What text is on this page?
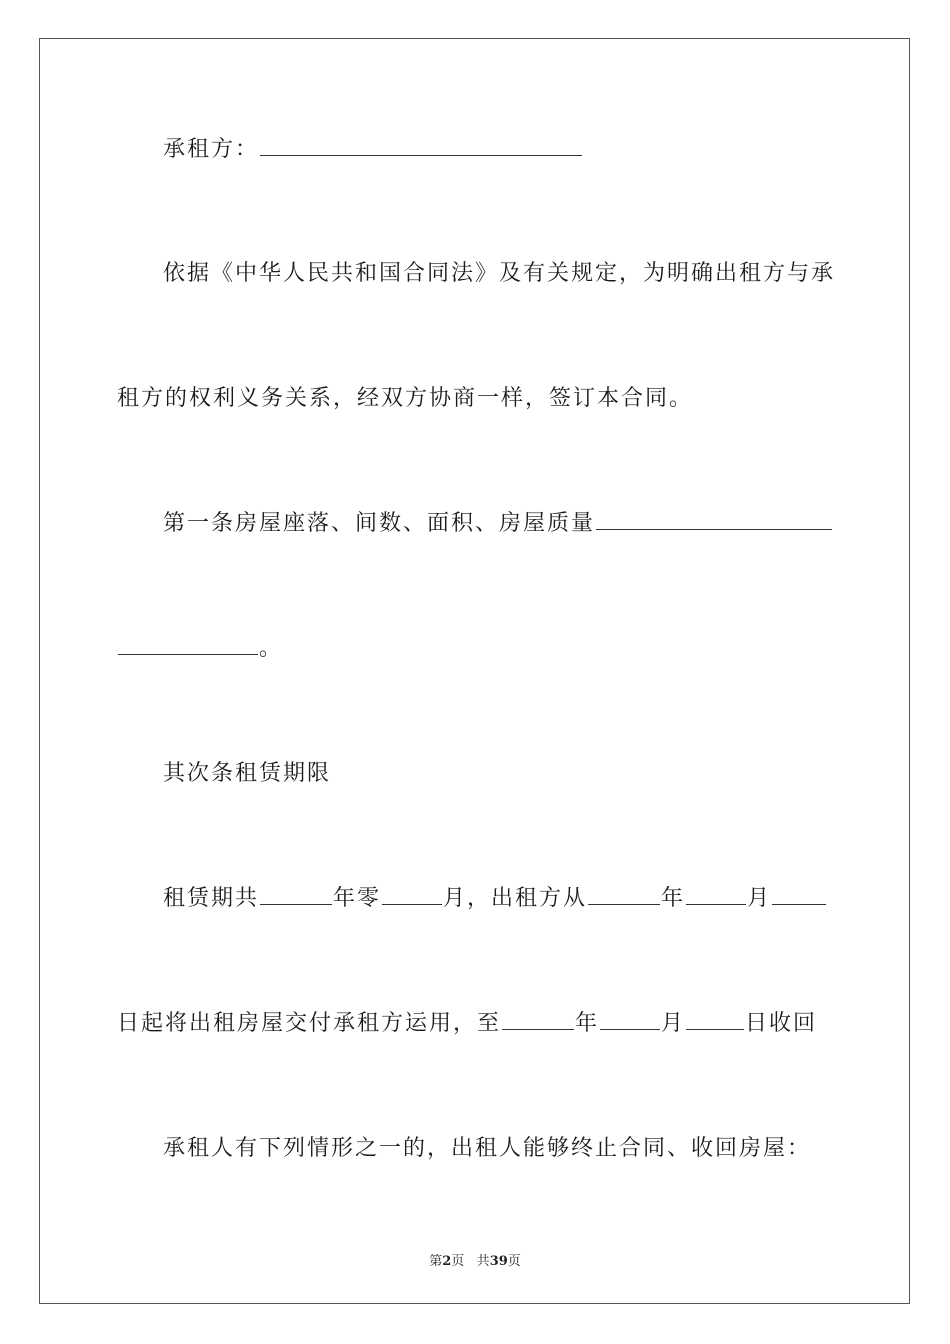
承租方：
依据《中华人民共和国合同法》及有关规定，为明确出租方与承
租方的权利义务关系，经双方协商一样，签订本合同。
第一条房屋座落、间数、面积、房屋质量
。
其次条租赁期限
租赁期共	年零	月，出租方从	年	月
日起将出租房屋交付承租方运用，至	年	月	日收回
承租人有下列情形之一的，出租人能够终止合同、收回房屋：
第2页 共39页
